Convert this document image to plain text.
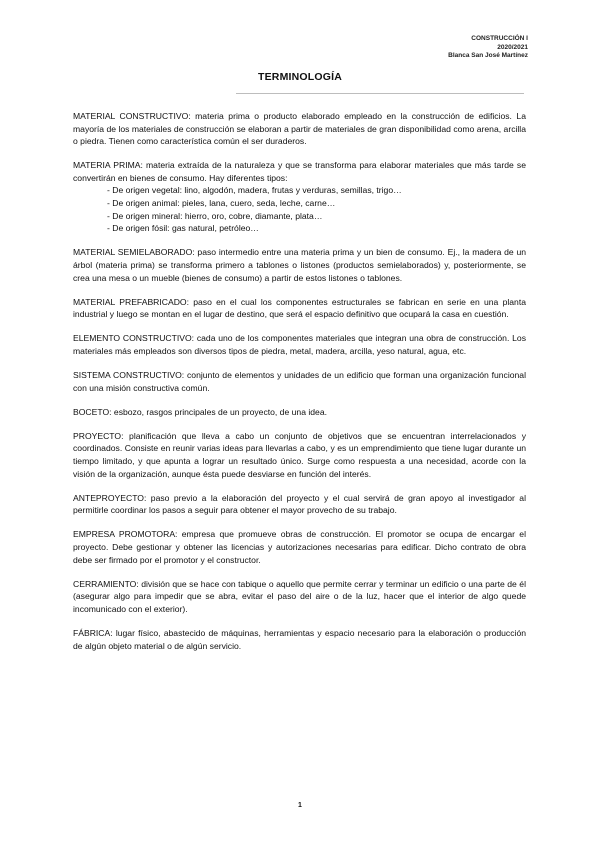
CONSTRUCCIÓN I
2020/2021
Blanca San José Martínez
TERMINOLOGÍA

MATERIAL CONSTRUCTIVO: materia prima o producto elaborado empleado en la construcción de edificios. La mayoría de los materiales de construcción se elaboran a partir de materiales de gran disponibilidad como arena, arcilla o piedra. Tienen como característica común el ser duraderos.

MATERIA PRIMA: materia extraída de la naturaleza y que se transforma para elaborar materiales que más tarde se convertirán en bienes de consumo. Hay diferentes tipos:
- De origen vegetal: lino, algodón, madera, frutas y verduras, semillas, trigo…
- De origen animal: pieles, lana, cuero, seda, leche, carne…
- De origen mineral: hierro, oro, cobre, diamante, plata…
- De origen fósil: gas natural, petróleo…

MATERIAL SEMIELABORADO: paso intermedio entre una materia prima y un bien de consumo. Ej., la madera de un árbol (materia prima) se transforma primero a tablones o listones (productos semielaborados) y, posteriormente, se crea una mesa o un mueble (bienes de consumo) a partir de estos listones o tablones.

MATERIAL PREFABRICADO: paso en el cual los componentes estructurales se fabrican en serie en una planta industrial y luego se montan en el lugar de destino, que será el espacio definitivo que ocupará la casa en cuestión.

ELEMENTO CONSTRUCTIVO: cada uno de los componentes materiales que integran una obra de construcción. Los materiales más empleados son diversos tipos de piedra, metal, madera, arcilla, yeso natural, agua, etc.

SISTEMA CONSTRUCTIVO: conjunto de elementos y unidades de un edificio que forman una organización funcional con una misión constructiva común.

BOCETO: esbozo, rasgos principales de un proyecto, de una idea.

PROYECTO: planificación que lleva a cabo un conjunto de objetivos que se encuentran interrelacionados y coordinados. Consiste en reunir varias ideas para llevarlas a cabo, y es un emprendimiento que tiene lugar durante un tiempo limitado, y que apunta a lograr un resultado único. Surge como respuesta a una necesidad, acorde con la visión de la organización, aunque ésta puede desviarse en función del interés.

ANTEPROYECTO: paso previo a la elaboración del proyecto y el cual servirá de gran apoyo al investigador al permitirle coordinar los pasos a seguir para obtener el mayor provecho de su trabajo.

EMPRESA PROMOTORA: empresa que promueve obras de construcción. El promotor se ocupa de encargar el proyecto. Debe gestionar y obtener las licencias y autorizaciones necesarias para edificar. Dicho contrato de obra debe ser firmado por el promotor y el constructor.

CERRAMIENTO: división que se hace con tabique o aquello que permite cerrar y terminar un edificio o una parte de él (asegurar algo para impedir que se abra, evitar el paso del aire o de la luz, hacer que el interior de algo quede incomunicado con el exterior).

FÁBRICA: lugar físico, abastecido de máquinas, herramientas y espacio necesario para la elaboración o producción de algún objeto material o de algún servicio.

1
